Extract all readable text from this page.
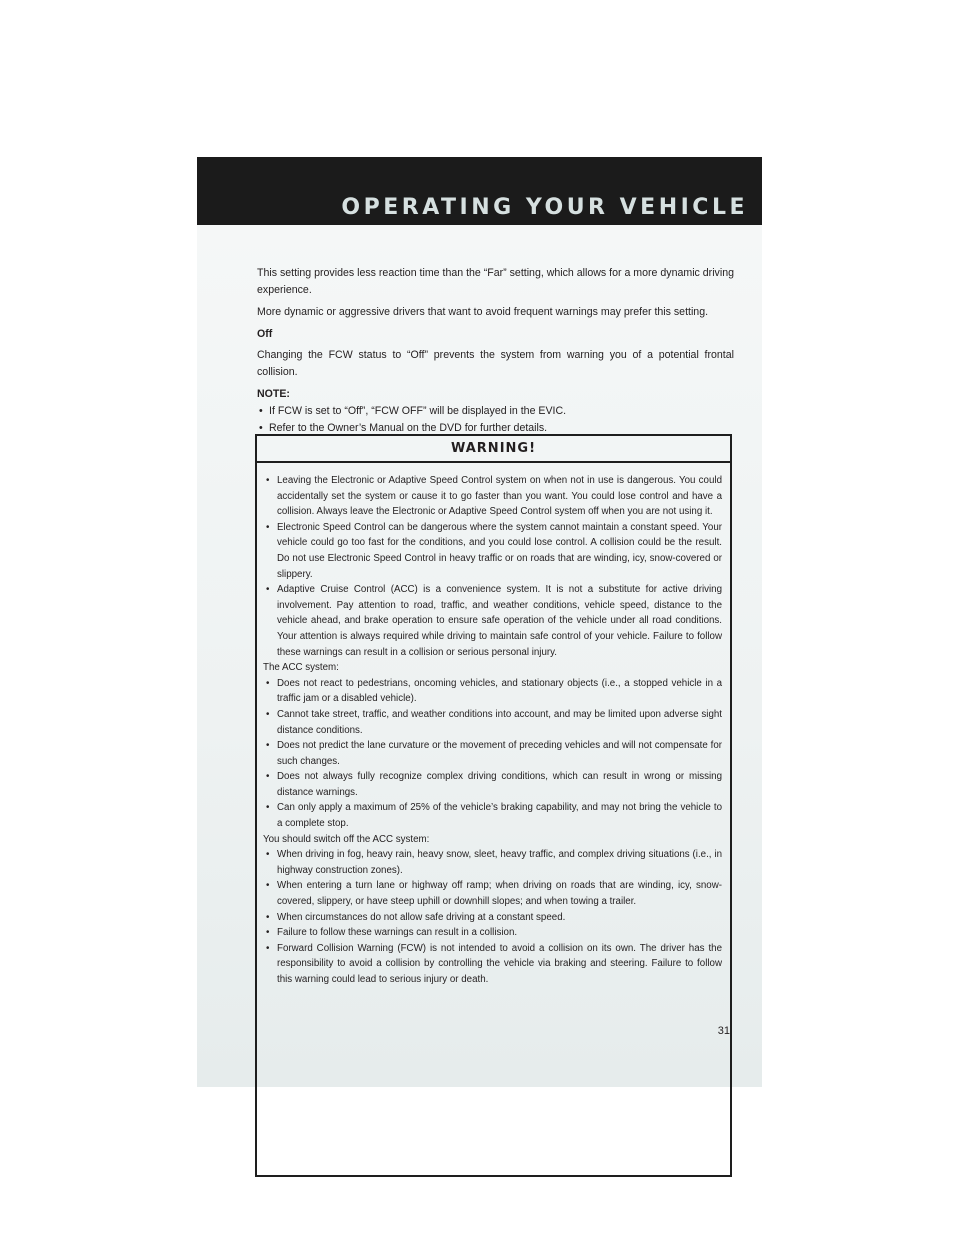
OPERATING YOUR VEHICLE

This setting provides less reaction time than the “Far” setting, which allows for a more dynamic driving experience.

More dynamic or aggressive drivers that want to avoid frequent warnings may prefer this setting.

Off

Changing the FCW status to “Off” prevents the system from warning you of a potential frontal collision.

NOTE:

• If FCW is set to “Off”, “FCW OFF” will be displayed in the EVIC.
• Refer to the Owner’s Manual on the DVD for further details.
WARNING!
• Leaving the Electronic or Adaptive Speed Control system on when not in use is dangerous. You could accidentally set the system or cause it to go faster than you want. You could lose control and have a collision. Always leave the Electronic or Adaptive Speed Control system off when you are not using it.
• Electronic Speed Control can be dangerous where the system cannot maintain a constant speed. Your vehicle could go too fast for the conditions, and you could lose control. A collision could be the result. Do not use Electronic Speed Control in heavy traffic or on roads that are winding, icy, snow-covered or slippery.
• Adaptive Cruise Control (ACC) is a convenience system. It is not a substitute for active driving involvement. Pay attention to road, traffic, and weather conditions, vehicle speed, distance to the vehicle ahead, and brake operation to ensure safe operation of the vehicle under all road conditions. Your attention is always required while driving to maintain safe control of your vehicle. Failure to follow these warnings can result in a collision or serious personal injury.

The ACC system:

• Does not react to pedestrians, oncoming vehicles, and stationary objects (i.e., a stopped vehicle in a traffic jam or a disabled vehicle).
• Cannot take street, traffic, and weather conditions into account, and may be limited upon adverse sight distance conditions.
• Does not predict the lane curvature or the movement of preceding vehicles and will not compensate for such changes.
• Does not always fully recognize complex driving conditions, which can result in wrong or missing distance warnings.
• Can only apply a maximum of 25% of the vehicle’s braking capability, and may not bring the vehicle to a complete stop.

You should switch off the ACC system:

• When driving in fog, heavy rain, heavy snow, sleet, heavy traffic, and complex driving situations (i.e., in highway construction zones).
• When entering a turn lane or highway off ramp; when driving on roads that are winding, icy, snow-covered, slippery, or have steep uphill or downhill slopes; and when towing a trailer.
• When circumstances do not allow safe driving at a constant speed.
• Failure to follow these warnings can result in a collision.
• Forward Collision Warning (FCW) is not intended to avoid a collision on its own. The driver has the responsibility to avoid a collision by controlling the vehicle via braking and steering. Failure to follow this warning could lead to serious injury or death.
31
